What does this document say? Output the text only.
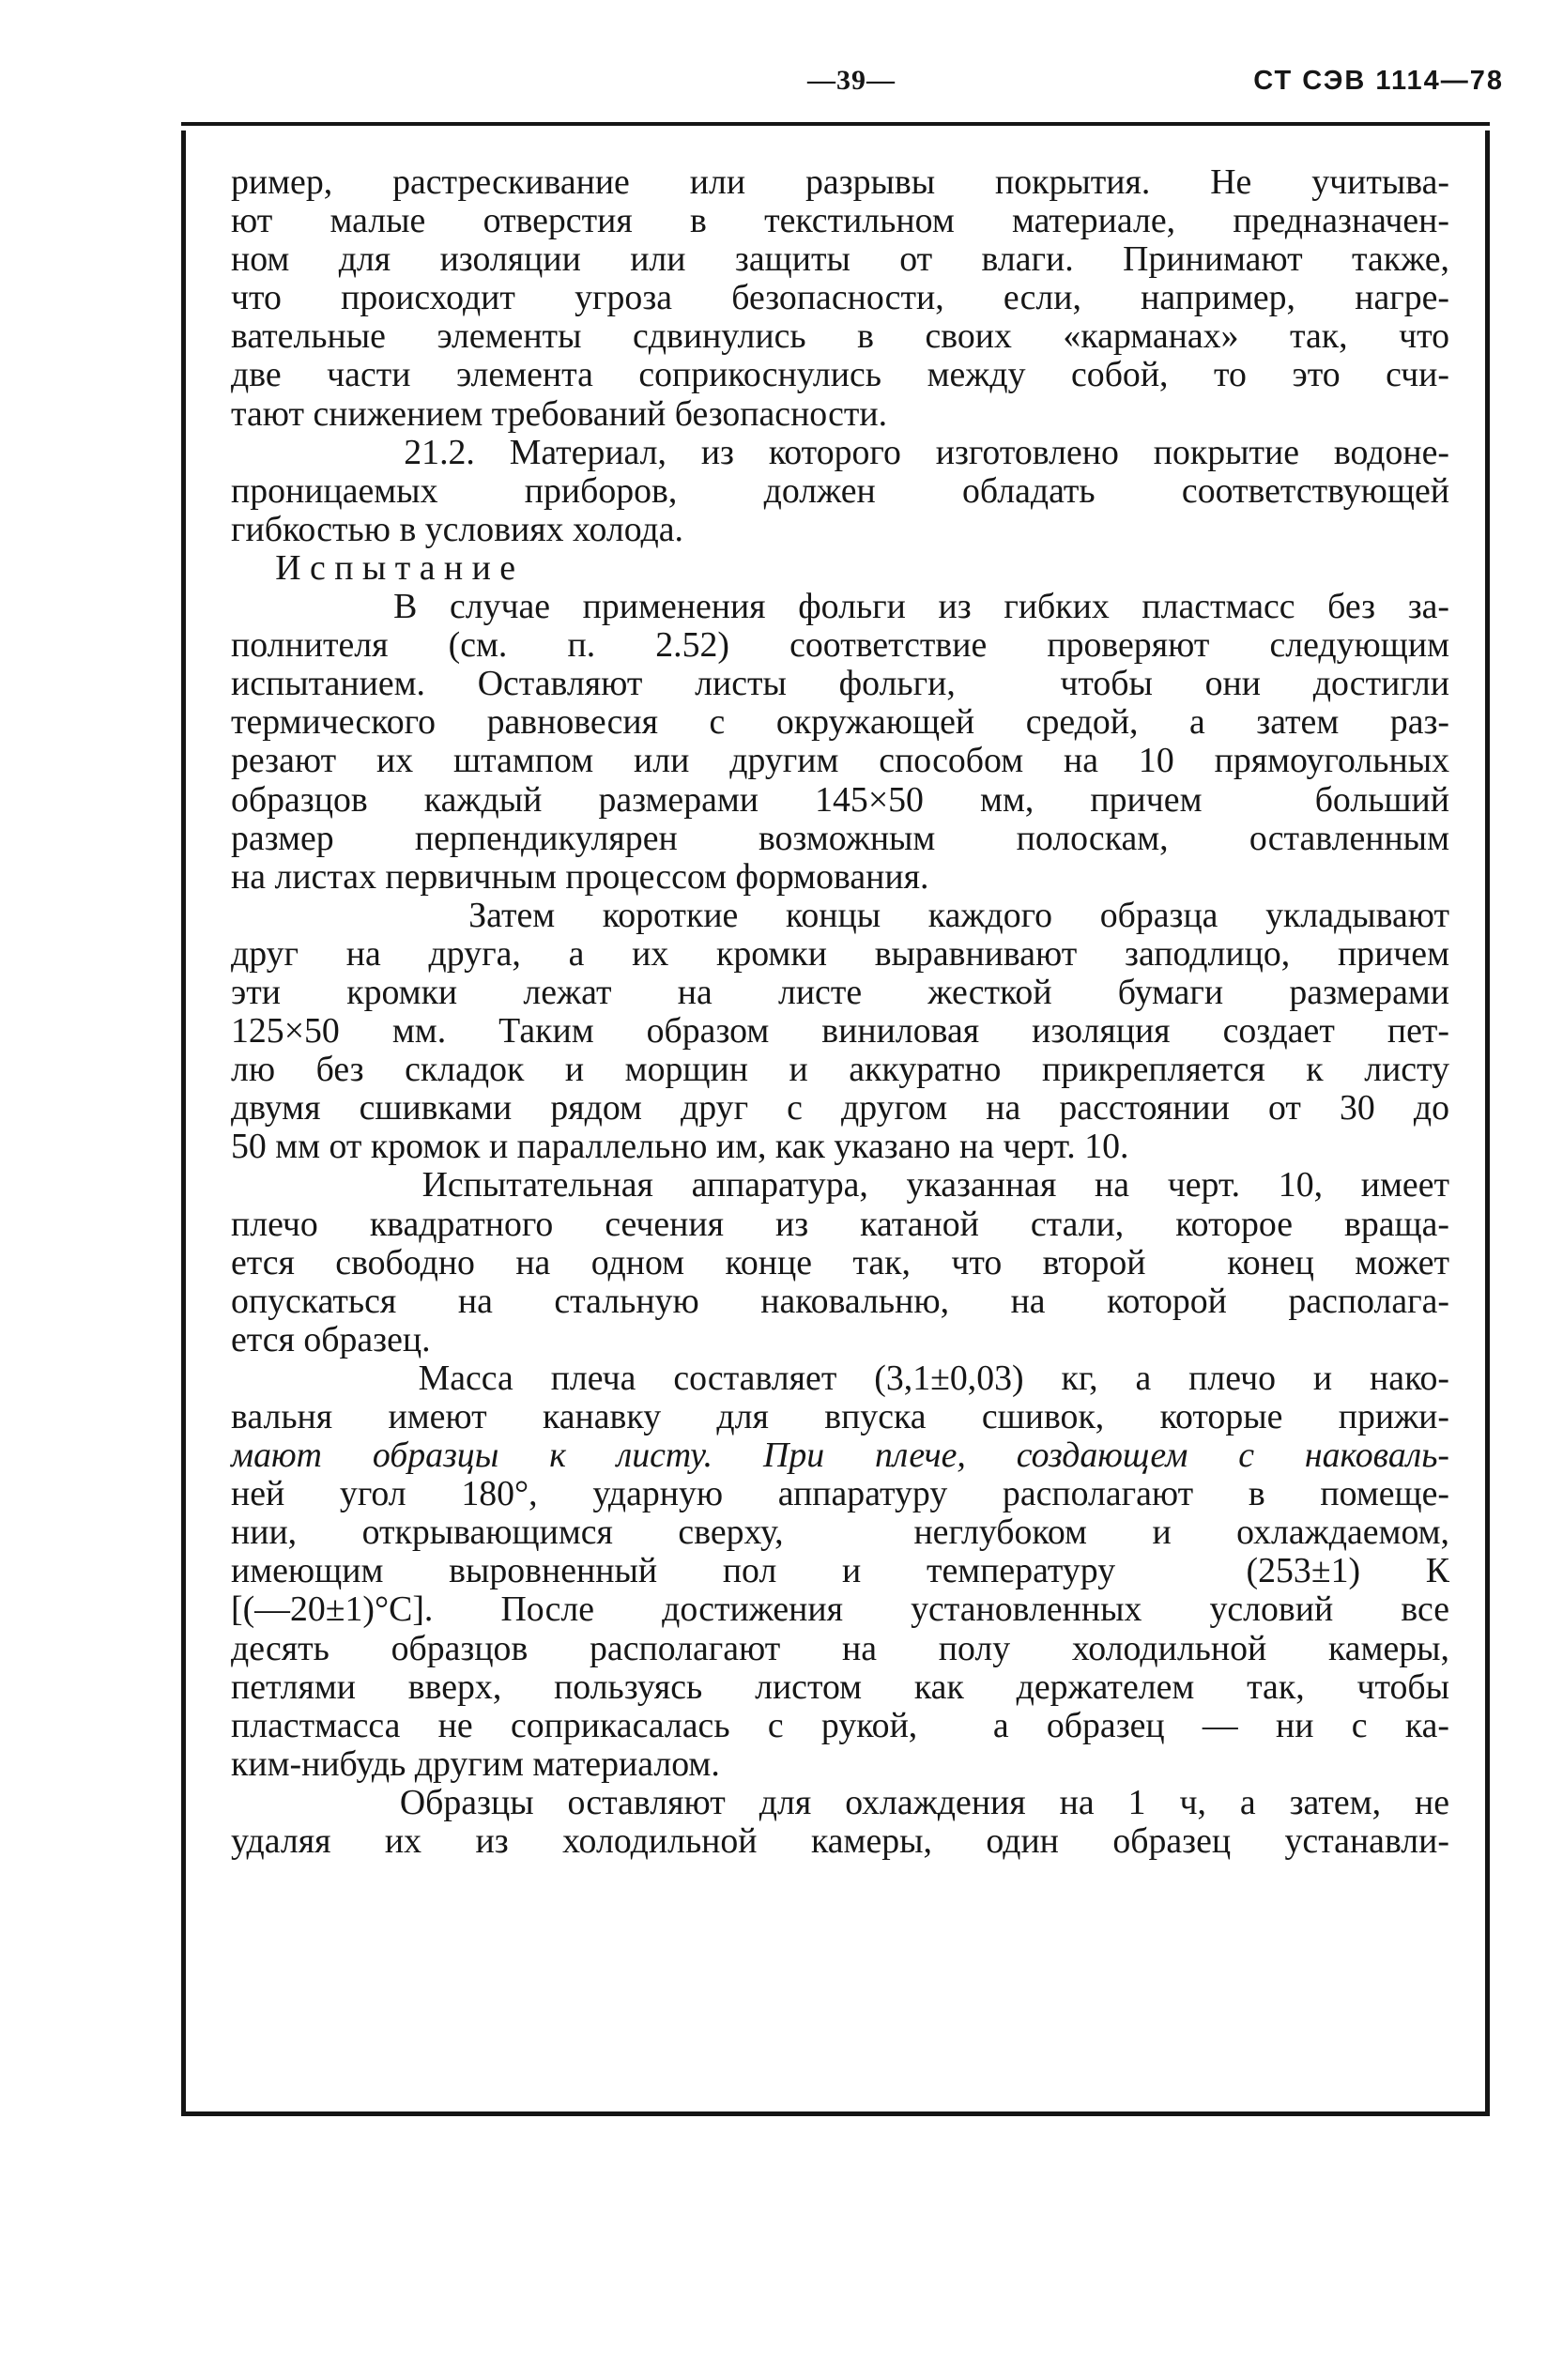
—39—	СТ СЭВ 1114—78
ример, растрескивание или разрывы покрытия. Не учитыва-
ют малые отверстия в текстильном материале, предназначен-
ном для изоляции или защиты от влаги. Принимают также,
что происходит угроза безопасности, если, например, нагре-
вательные элементы сдвинулись в своих «карманах» так, что
две части элемента соприкоснулись между собой, то это счи-
тают снижением требований безопасности.
21.2. Материал, из которого изготовлено покрытие водоне-
проницаемых приборов, должен обладать соответствующей
гибкостью в условиях холода.
И с п ы т а н и е
В случае применения фольги из гибких пластмасс без за-
полнителя (см. п. 2.52) соответствие проверяют следующим
испытанием. Оставляют листы фольги,  чтобы они достигли
термического равновесия с окружающей средой, а затем раз-
резают их штампом или другим способом на 10 прямоугольных
образцов каждый размерами 145×50 мм, причем  больший
размер перпендикулярен возможным полоскам, оставленным
на листах первичным процессом формования.
Затем короткие концы каждого образца укладывают
друг на друга, а их кромки выравнивают заподлицо, причем
эти кромки лежат на листе жесткой бумаги размерами
125×50 мм. Таким образом виниловая изоляция создает пет-
лю без складок и морщин и аккуратно прикрепляется к листу
двумя сшивками рядом друг с другом на расстоянии от 30 до
50 мм от кромок и параллельно им, как указано на черт. 10.
Испытательная аппаратура, указанная на черт. 10, имеет
плечо квадратного сечения из катаной стали, которое враща-
ется свободно на одном конце так, что второй  конец может
опускаться на стальную наковальню, на которой располага-
ется образец.
Масса плеча составляет (3,1±0,03) кг, а плечо и нако-
вальня имеют канавку для впуска сшивок, которые прижи-
мают образцы к листу. При плече, создающем с наковаль-
ней угол 180°, ударную аппаратуру располагают в помеще-
нии, открывающимся сверху,  неглубоком и охлаждаемом,
имеющим выровненный пол и температуру  (253±1) К
[(—20±1)°С]. После достижения установленных условий все
десять образцов располагают на полу холодильной камеры,
петлями вверх, пользуясь листом как держателем так, чтобы
пластмасса не соприкасалась с рукой,  а образец — ни с ка-
ким-нибудь другим материалом.
Образцы оставляют для охлаждения на 1 ч, а затем, не
удаляя их из холодильной камеры, один образец устанавли-
